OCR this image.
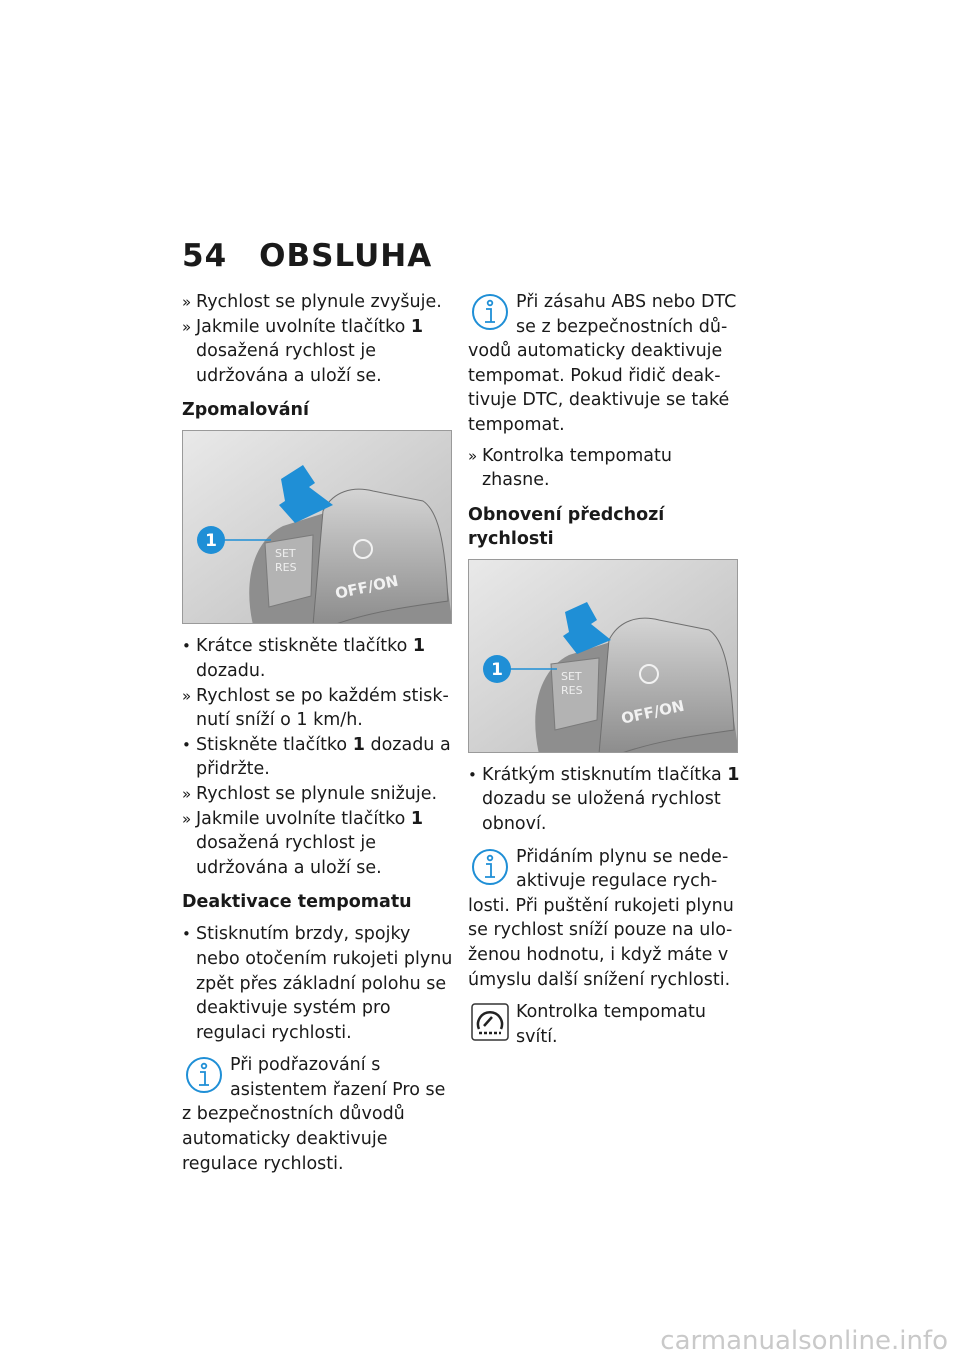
54 OBSLUHA
» Rychlost se plynule zvyšuje.
» Jakmile uvolníte tlačítko 1 dosažená rychlost je udržována a uloží se.
Zpomalování
SET
RES
OFF/ON
1
• Krátce stiskněte tlačítko 1 dozadu.
» Rychlost se po každém stisknutí sníží o 1 km/h.
• Stiskněte tlačítko 1 dozadu a přidržte.
» Rychlost se plynule snižuje.
» Jakmile uvolníte tlačítko 1 dosažená rychlost je udržována a uloží se.
Deaktivace tempomatu
• Stisknutím brzdy, spojky nebo otočením rukojeti plynu zpět přes základní polohu se deaktivuje systém pro regulaci rychlosti.

Při podřazování s asistentem řazení Pro se z bezpečnostních důvodů automaticky deaktivuje regulace rychlosti.

Při zásahu ABS nebo DTC se z bezpečnostních důvodů automaticky deaktivuje tempomat. Pokud řidič deaktivuje DTC, deaktivuje se také tempomat.

» Kontrolka tempomatu zhasne.
Obnovení předchozí rychlosti
SET
RES
OFF/ON
1
• Krátkým stisknutím tlačítka 1 dozadu se uložená rychlost obnoví.

Přidáním plynu se nedeaktivuje regulace rychlosti. Při puštění rukojeti plynu se rychlost sníží pouze na uloženou hodnotu, i když máte v úmyslu další snížení rychlosti.

Kontrolka tempomatu svítí.

carmanualsonline.info
